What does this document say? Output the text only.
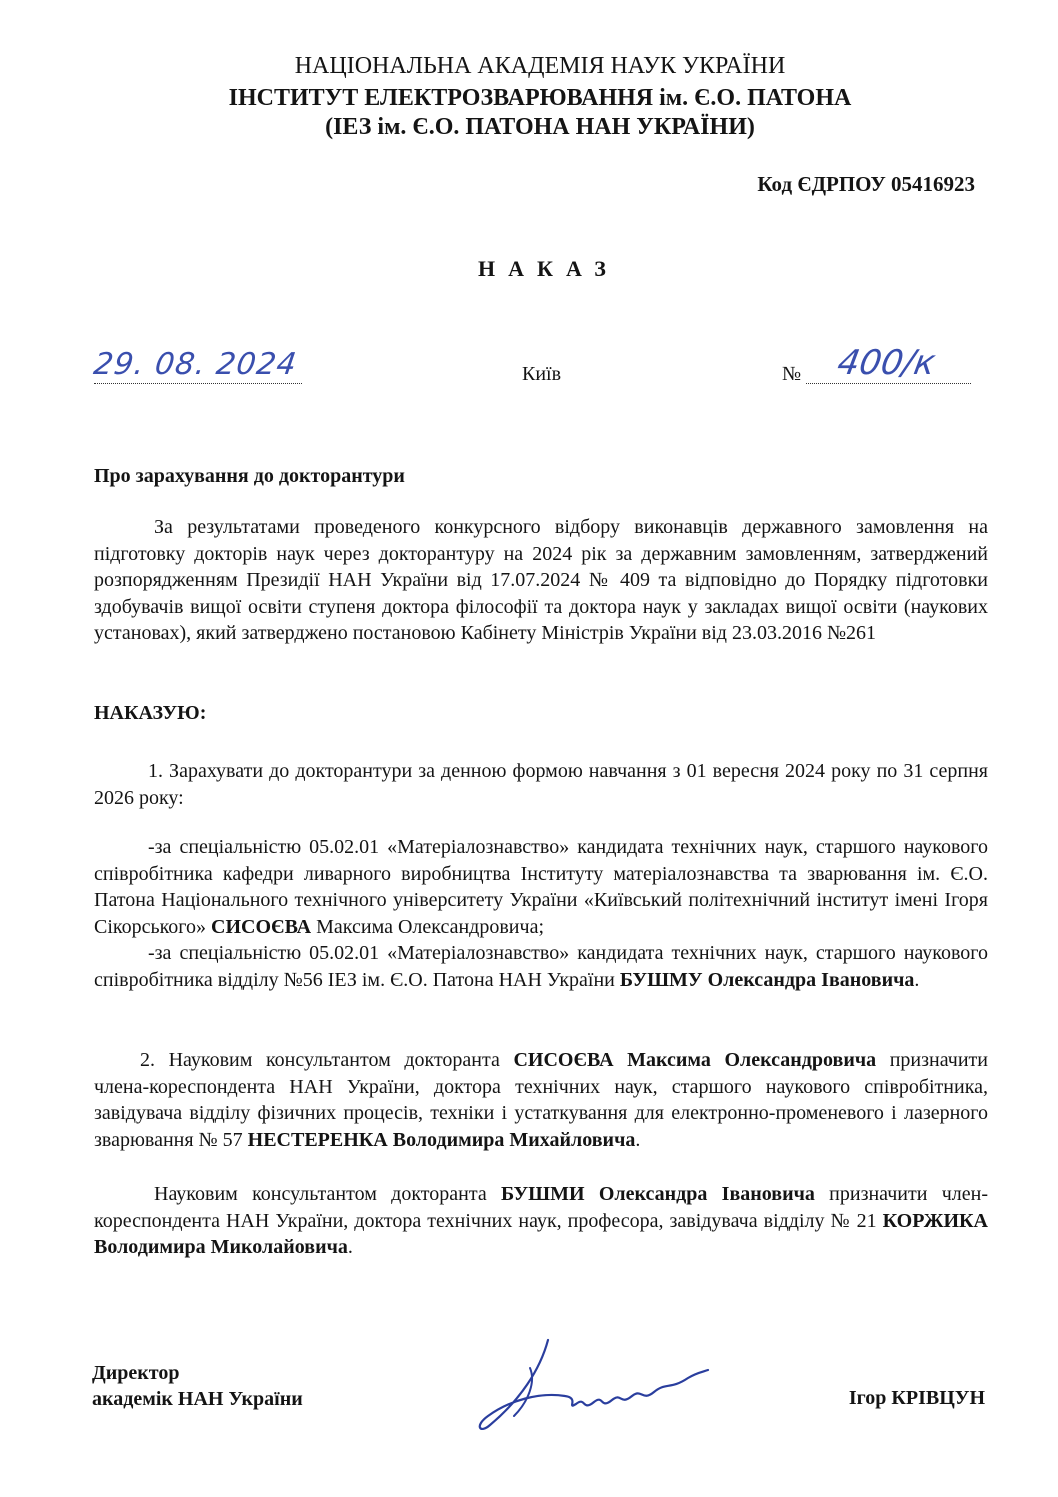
НАЦІОНАЛЬНА АКАДЕМІЯ НАУК УКРАЇНИ
ІНСТИТУТ ЕЛЕКТРОЗВАРЮВАННЯ ім. Є.О. ПАТОНА
(ІЕЗ ім. Є.О. ПАТОНА НАН УКРАЇНИ)
Код ЄДРПОУ 05416923
НАКАЗ
29. 08. 2024	Київ	№ 400/к
Про зарахування до докторантури
За результатами проведеного конкурсного відбору виконавців державного замовлення на підготовку докторів наук через докторантуру на 2024 рік за державним замовленням, затверджений розпорядженням Президії НАН України від 17.07.2024 № 409 та відповідно до Порядку підготовки здобувачів вищої освіти ступеня доктора філософії та доктора наук у закладах вищої освіти (наукових установах), який затверджено постановою Кабінету Міністрів України від 23.03.2016 №261
НАКАЗУЮ:
1. Зарахувати до докторантури за денною формою навчання з 01 вересня 2024 року по 31 серпня 2026 року:
-за спеціальністю 05.02.01 «Матеріалознавство» кандидата технічних наук, старшого наукового співробітника кафедри ливарного виробництва Інституту матеріалознавства та зварювання ім. Є.О. Патона Національного технічного університету України «Київський політехнічний інститут імені Ігоря Сікорського» СИСОЄВА Максима Олександровича;
-за спеціальністю 05.02.01 «Матеріалознавство» кандидата технічних наук, старшого наукового співробітника відділу №56 ІЕЗ ім. Є.О. Патона НАН України БУШМУ Олександра Івановича.
2. Науковим консультантом докторанта СИСОЄВА Максима Олександровича призначити члена-кореспондента НАН України, доктора технічних наук, старшого наукового співробітника, завідувача відділу фізичних процесів, техніки і устаткування для електронно-променевого і лазерного зварювання № 57 НЕСТЕРЕНКА Володимира Михайловича.
Науковим консультантом докторанта БУШМИ Олександра Івановича призначити член-кореспондента НАН України, доктора технічних наук, професора, завідувача відділу № 21 КОРЖИКА Володимира Миколайовича.
Директор
академік НАН України	Ігор КРІВЦУН
